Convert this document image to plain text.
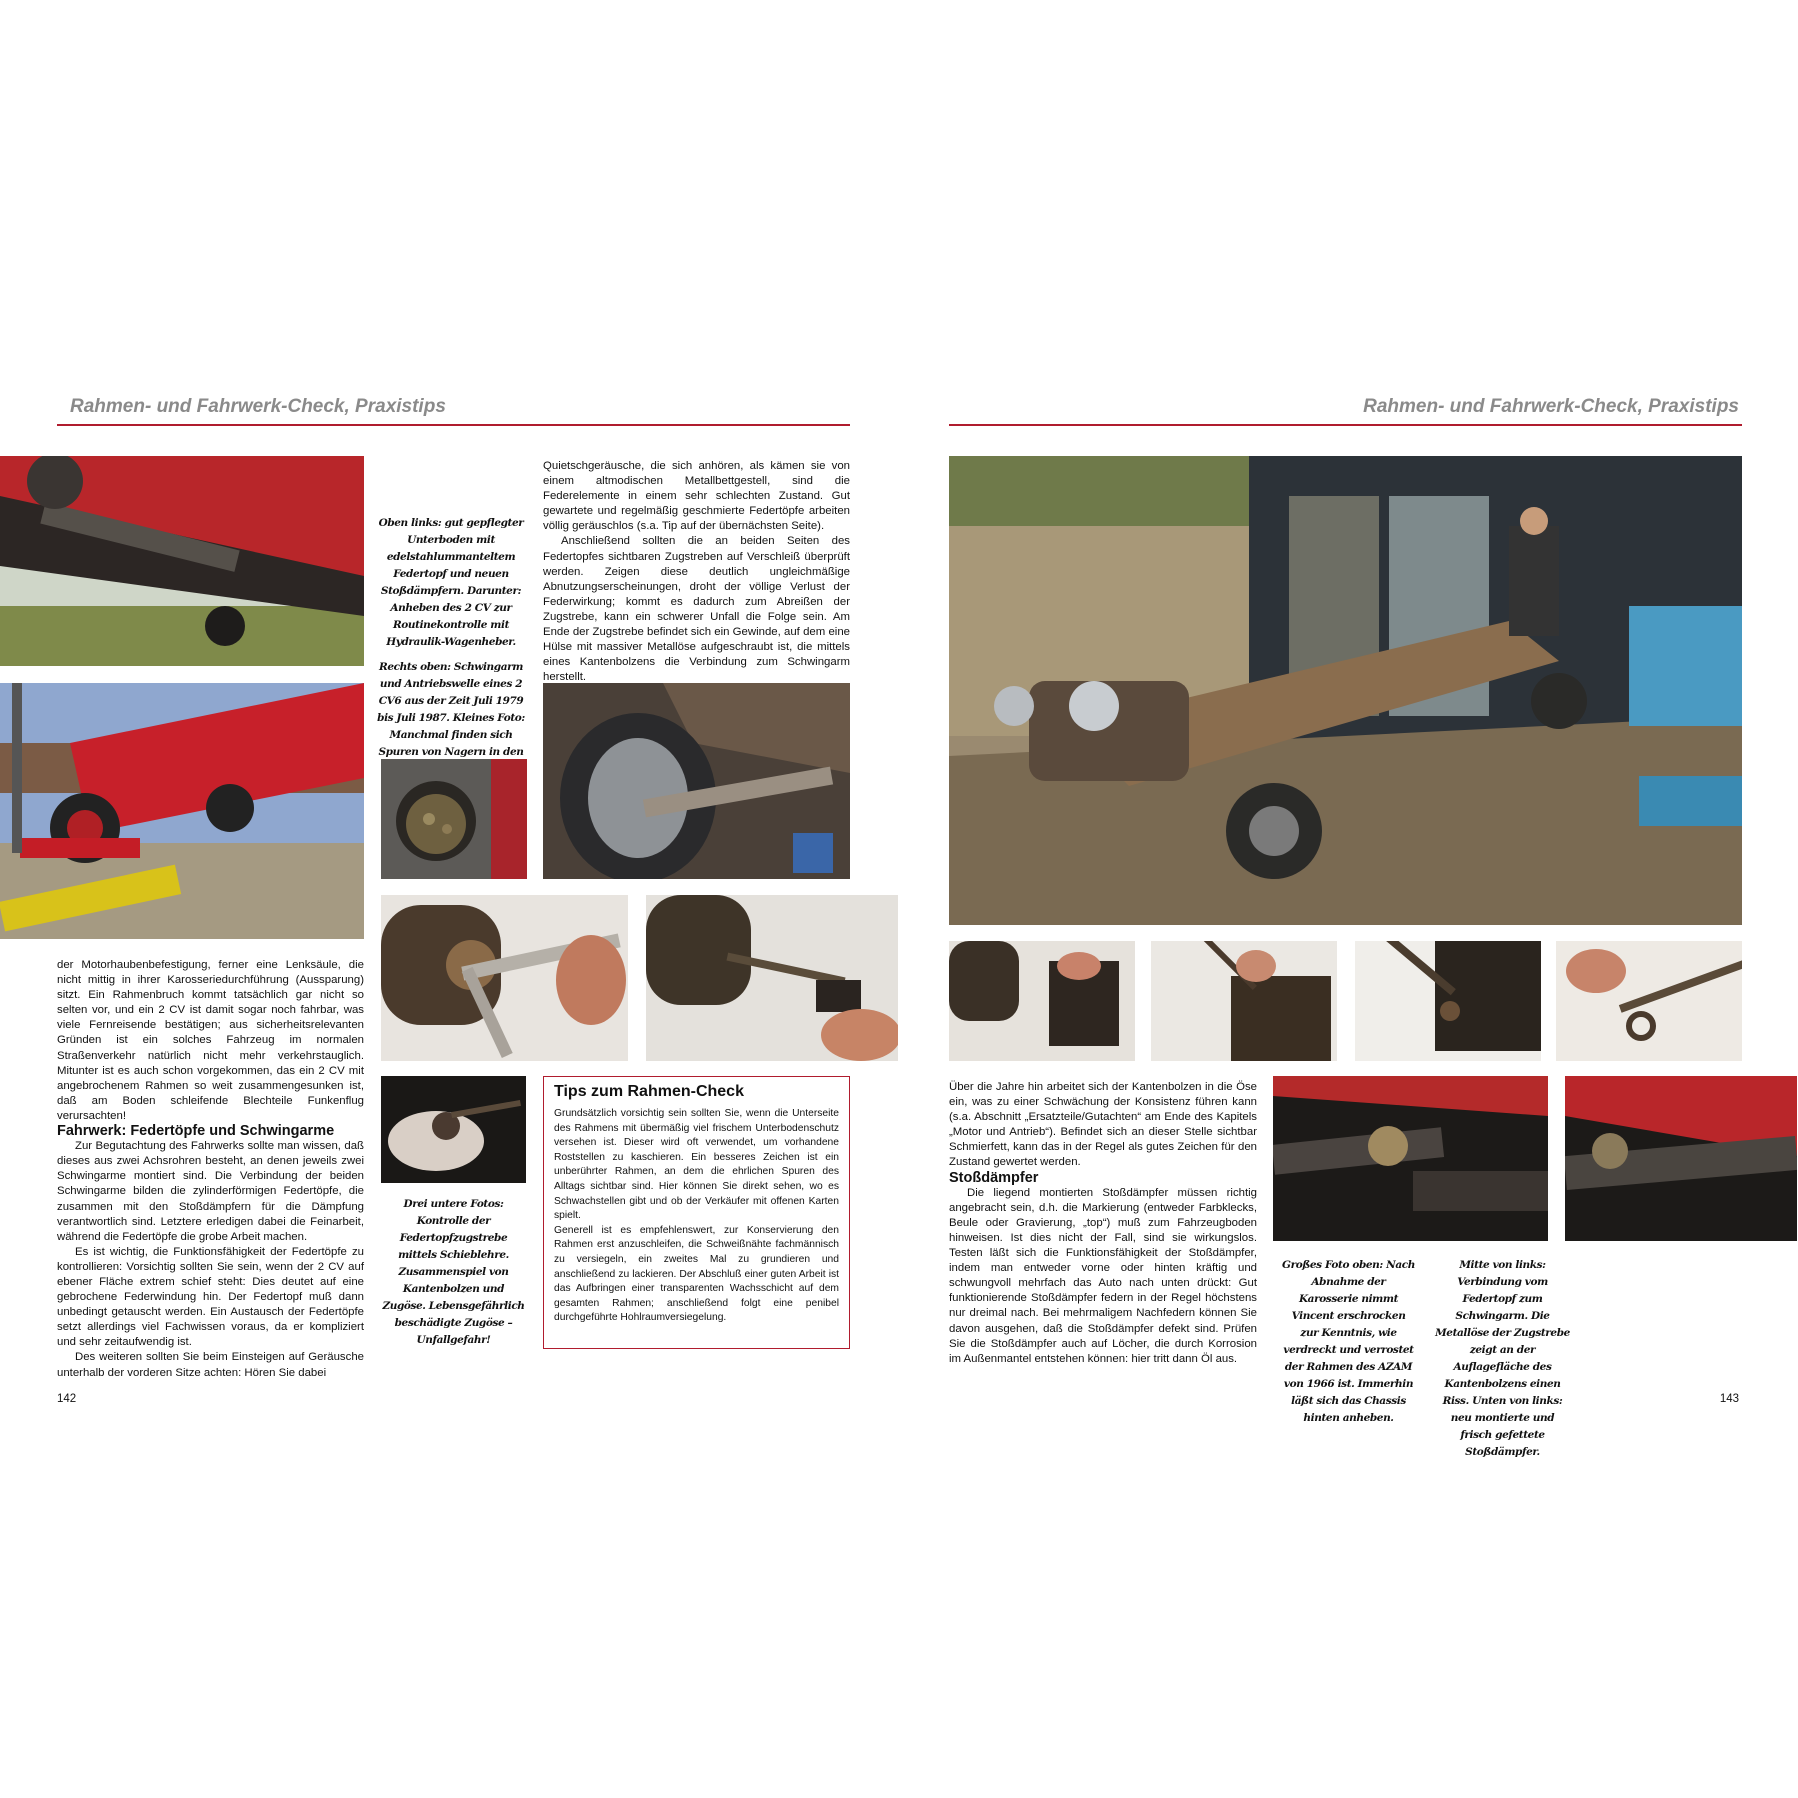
Rahmen- und Fahrwerk-Check, Praxistips

Oben links: gut gepflegter Unterboden mit edelstahlummanteltem Federtopf und neuen Stoßdämpfern. Darunter: Anheben des 2 CV zur Routinekontrolle mit Hydraulik-Wagenheber.

Rechts oben: Schwingarm und Antriebswelle eines 2 CV6 aus der Zeit Juli 1979 bis Juli 1987. Kleines Foto: Manchmal finden sich Spuren von Nagern in den

Quietschgeräusche, die sich anhören, als kämen sie von einem altmodischen Metallbettgestell, sind die Federelemente in einem sehr schlechten Zustand. Gut gewartete und regelmäßig geschmierte Federtöpfe arbeiten völlig geräuschlos (s.a. Tip auf der übernächsten Seite).

Anschließend sollten die an beiden Seiten des Federtopfes sichtbaren Zugstreben auf Verschleiß überprüft werden. Zeigen diese deutlich ungleichmäßige Abnutzungserscheinungen, droht der völlige Verlust der Federwirkung; kommt es dadurch zum Abreißen der Zugstrebe, kann ein schwerer Unfall die Folge sein. Am Ende der Zugstrebe befindet sich ein Gewinde, auf dem eine Hülse mit massiver Metallöse aufgeschraubt ist, die mittels eines Kantenbolzens die Verbindung zum Schwingarm herstellt.

Drei untere Fotos: Kontrolle der Federtopfzugstrebe mittels Schieblehre. Zusammenspiel von Kantenbolzen und Zugöse. Lebensgefährlich beschädigte Zugöse – Unfallgefahr!

der Motorhaubenbefestigung, ferner eine Lenksäule, die nicht mittig in ihrer Karosseriedurchführung (Aussparung) sitzt. Ein Rahmenbruch kommt tatsächlich gar nicht so selten vor, und ein 2 CV ist damit sogar noch fahrbar, was viele Fernreisende bestätigen; aus sicherheitsrelevanten Gründen ist ein solches Fahrzeug im normalen Straßenverkehr natürlich nicht mehr verkehrstauglich. Mitunter ist es auch schon vorgekommen, das ein 2 CV mit angebrochenem Rahmen so weit zusammengesunken ist, daß am Boden schleifende Blechteile Funkenflug verursachten!

Fahrwerk: Federtöpfe und Schwingarme

Zur Begutachtung des Fahrwerks sollte man wissen, daß dieses aus zwei Achsrohren besteht, an denen jeweils zwei Schwingarme montiert sind. Die Verbindung der beiden Schwingarme bilden die zylinderförmigen Federtöpfe, die zusammen mit den Stoßdämpfern für die Dämpfung verantwortlich sind. Letztere erledigen dabei die Feinarbeit, während die Federtöpfe die grobe Arbeit machen.

Es ist wichtig, die Funktionsfähigkeit der Federtöpfe zu kontrollieren: Vorsichtig sollten Sie sein, wenn der 2 CV auf ebener Fläche extrem schief steht: Dies deutet auf eine gebrochene Federwindung hin. Der Federtopf muß dann unbedingt getauscht werden. Ein Austausch der Federtöpfe setzt allerdings viel Fachwissen voraus, da er kompliziert und sehr zeitaufwendig ist.

Des weiteren sollten Sie beim Einsteigen auf Geräusche unterhalb der vorderen Sitze achten: Hören Sie dabei

Tips zum Rahmen-Check

Grundsätzlich vorsichtig sein sollten Sie, wenn die Unterseite des Rahmens mit übermäßig viel frischem Unterbodenschutz versehen ist. Dieser wird oft verwendet, um vorhandene Roststellen zu kaschieren. Ein besseres Zeichen ist ein unberührter Rahmen, an dem die ehrlichen Spuren des Alltags sichtbar sind. Hier können Sie direkt sehen, wo es Schwachstellen gibt und ob der Verkäufer mit offenen Karten spielt.

Generell ist es empfehlenswert, zur Konservierung den Rahmen erst anzuschleifen, die Schweißnähte fachmännisch zu versiegeln, ein zweites Mal zu grundieren und anschließend zu lackieren. Der Abschluß einer guten Arbeit ist das Aufbringen einer transparenten Wachsschicht auf dem gesamten Rahmen; anschließend folgt eine penibel durchgeführte Hohlraumversiegelung.

142
Rahmen- und Fahrwerk-Check, Praxistips

Über die Jahre hin arbeitet sich der Kantenbolzen in die Öse ein, was zu einer Schwächung der Konsistenz führen kann (s.a. Abschnitt „Ersatzteile/Gutachten“ am Ende des Kapitels „Motor und Antrieb“). Befindet sich an dieser Stelle sichtbar Schmierfett, kann das in der Regel als gutes Zeichen für den Zustand gewertet werden.

Stoßdämpfer

Die liegend montierten Stoßdämpfer müssen richtig angebracht sein, d.h. die Markierung (entweder Farbklecks, Beule oder Gravierung, „top“) muß zum Fahrzeugboden hinweisen. Ist dies nicht der Fall, sind sie wirkungslos. Testen läßt sich die Funktionsfähigkeit der Stoßdämpfer, indem man entweder vorne oder hinten kräftig und schwungvoll mehrfach das Auto nach unten drückt: Gut funktionierende Stoßdämpfer federn in der Regel höchstens nur dreimal nach. Bei mehrmaligem Nachfedern können Sie davon ausgehen, daß die Stoßdämpfer defekt sind. Prüfen Sie die Stoßdämpfer auch auf Löcher, die durch Korrosion im Außenmantel entstehen können: hier tritt dann Öl aus.

Großes Foto oben: Nach Abnahme der Karosserie nimmt Vincent erschrocken zur Kenntnis, wie verdreckt und verrostet der Rahmen des AZAM von 1966 ist. Immerhin läßt sich das Chassis hinten anheben.

Mitte von links: Verbindung vom Federtopf zum Schwingarm. Die Metallöse der Zugstrebe zeigt an der Auflagefläche des Kantenbolzens einen Riss. Unten von links: neu montierte und frisch gefettete Stoßdämpfer.

143
